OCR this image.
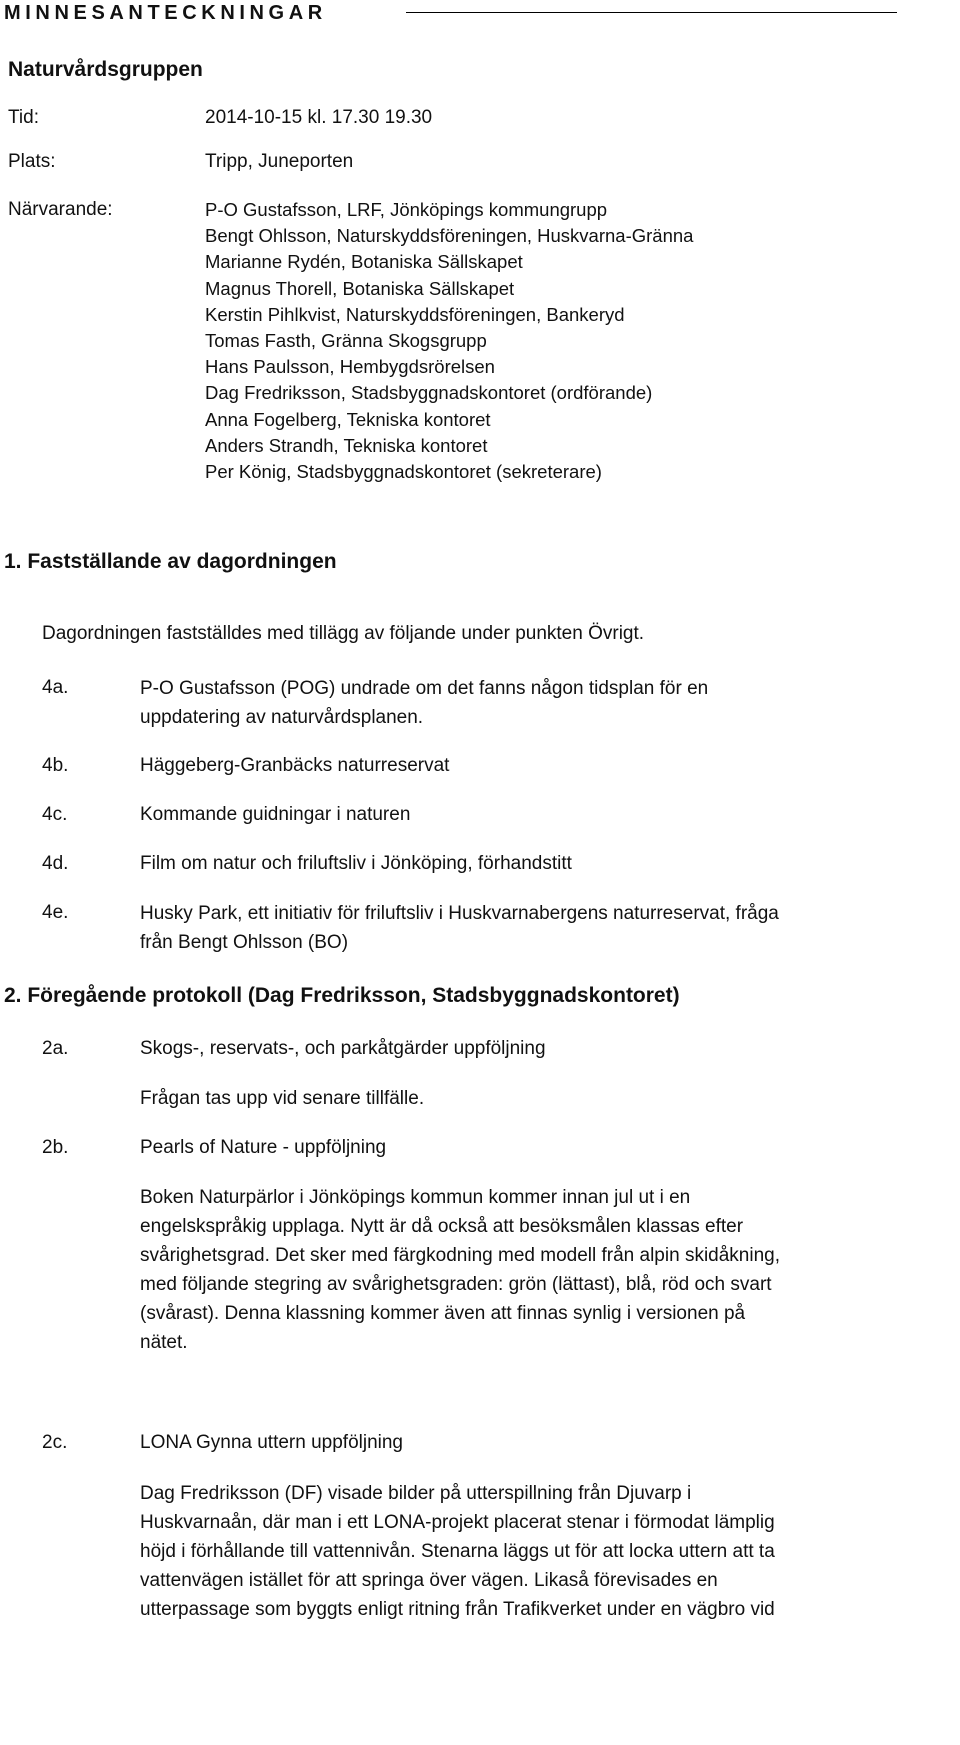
MINNESANTECKNINGAR
Naturvårdsgruppen
Tid:	2014-10-15 kl. 17.30 19.30
Plats:	Tripp, Juneporten
Närvarande:	P-O Gustafsson, LRF, Jönköpings kommungrupp
Bengt Ohlsson, Naturskyddsföreningen, Huskvarna-Gränna
Marianne Rydén, Botaniska Sällskapet
Magnus Thorell, Botaniska Sällskapet
Kerstin Pihlkvist, Naturskyddsföreningen, Bankeryd
Tomas Fasth, Gränna Skogsgrupp
Hans Paulsson, Hembygdsrörelsen
Dag Fredriksson, Stadsbyggnadskontoret (ordförande)
Anna Fogelberg, Tekniska kontoret
Anders Strandh, Tekniska kontoret
Per König, Stadsbyggnadskontoret (sekreterare)
1. Fastställande av dagordningen
Dagordningen fastställdes med tillägg av följande under punkten Övrigt.
4a.	P-O Gustafsson (POG) undrade om det fanns någon tidsplan för en
uppdatering av naturvårdsplanen.
4b.	Häggeberg-Granbäcks naturreservat
4c.	Kommande guidningar i naturen
4d.	Film om natur och friluftsliv i Jönköping, förhandstitt
4e.	Husky Park, ett initiativ för friluftsliv i Huskvarnabergens naturreservat, fråga
från Bengt Ohlsson (BO)
2. Föregående protokoll (Dag Fredriksson, Stadsbyggnadskontoret)
2a.	Skogs-, reservats-, och parkåtgärder uppföljning
Frågan tas upp vid senare tillfälle.
2b.	Pearls of Nature - uppföljning
Boken Naturpärlor i Jönköpings kommun kommer innan jul ut i en
engelskspråkig upplaga. Nytt är då också att besöksmålen klassas efter
svårighetsgrad. Det sker med färgkodning med modell från alpin skidåkning,
med följande stegring av svårighetsgraden: grön (lättast), blå, röd och svart
(svårast). Denna klassning kommer även att finnas synlig i versionen på
nätet.
2c.	LONA Gynna uttern uppföljning
Dag Fredriksson (DF) visade bilder på utterspillning från Djuvarp i
Huskvarnaån, där man i ett LONA-projekt placerat stenar i förmodat lämplig
höjd i förhållande till vattennivån. Stenarna läggs ut för att locka uttern att ta
vattenvägen istället för att springa över vägen. Likaså förevisades en
utterpassage som byggts enligt ritning från Trafikverket under en vägbro vid
